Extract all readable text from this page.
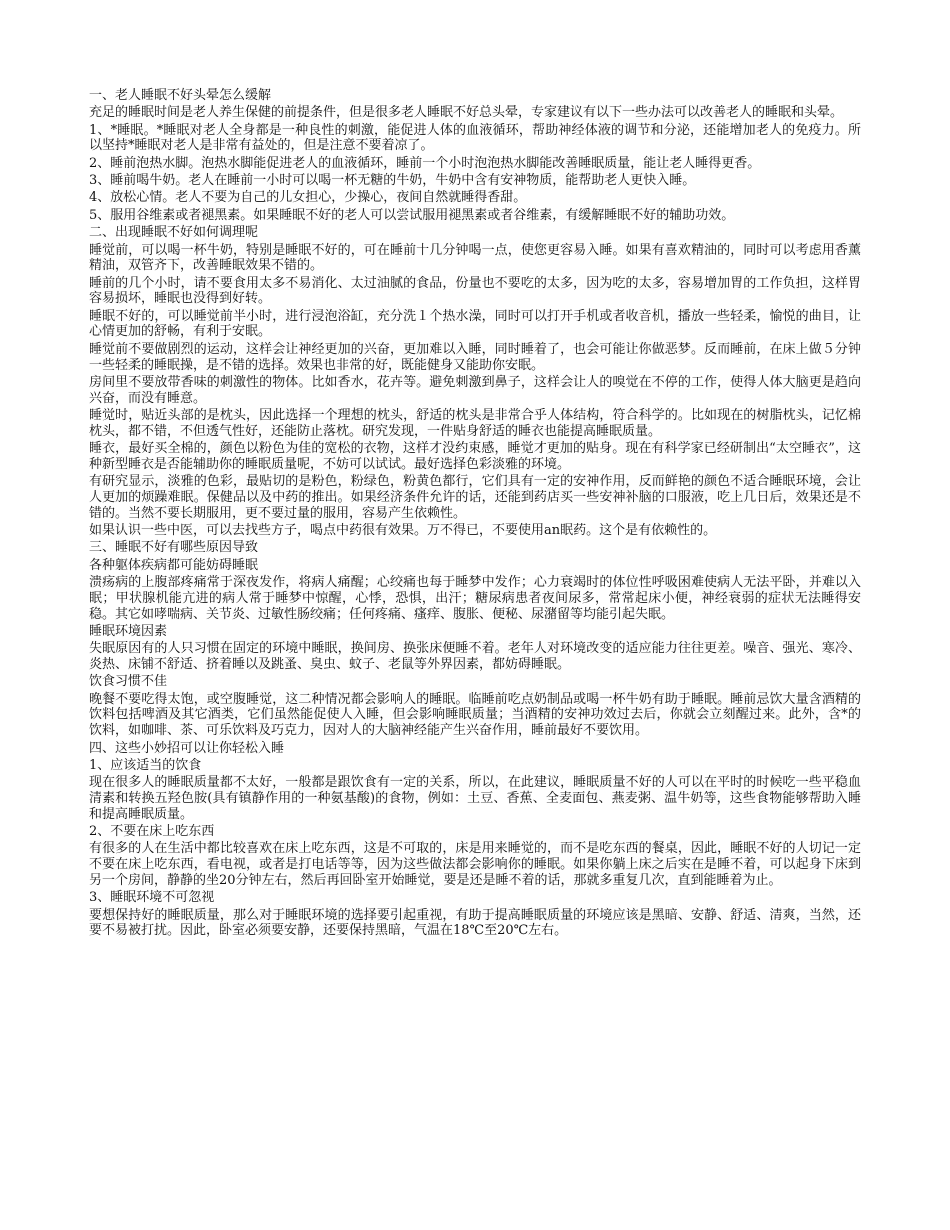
一、老人睡眠不好头晕怎么缓解
充足的睡眠时间是老人养生保健的前提条件，但是很多老人睡眠不好总头晕，专家建议有以下一些办法可以改善老人的睡眠和头晕。
1、*睡眠。*睡眠对老人全身都是一种良性的刺激，能促进人体的血液循环，帮助神经体液的调节和分泌，还能增加老人的免疫力。所以坚持*睡眠对老人是非常有益处的，但是注意不要着凉了。
2、睡前泡热水脚。泡热水脚能促进老人的血液循环，睡前一个小时泡泡热水脚能改善睡眠质量，能让老人睡得更香。
3、睡前喝牛奶。老人在睡前一小时可以喝一杯无糖的牛奶，牛奶中含有安神物质，能帮助老人更快入睡。
4、放松心情。老人不要为自己的儿女担心，少操心，夜间自然就睡得香甜。
5、服用谷维素或者褪黑素。如果睡眠不好的老人可以尝试服用褪黑素或者谷维素，有缓解睡眠不好的辅助功效。
二、出现睡眠不好如何调理呢
睡觉前，可以喝一杯牛奶，特别是睡眠不好的，可在睡前十几分钟喝一点，使您更容易入睡。如果有喜欢精油的，同时可以考虑用香薰精油，双管齐下，改善睡眠效果不错的。
睡前的几个小时，请不要食用太多不易消化、太过油腻的食品，份量也不要吃的太多，因为吃的太多，容易增加胃的工作负担，这样胃容易损坏，睡眠也没得到好转。
睡眠不好的，可以睡觉前半小时，进行浸泡浴缸，充分洗１个热水澡，同时可以打开手机或者收音机，播放一些轻柔，愉悦的曲目，让心情更加的舒畅，有利于安眠。
睡觉前不要做剧烈的运动，这样会让神经更加的兴奋，更加难以入睡，同时睡着了，也会可能让你做恶梦。反而睡前，在床上做５分钟一些轻柔的睡眠操，是不错的选择。效果也非常的好，既能健身又能助你安眠。
房间里不要放带香味的刺激性的物体。比如香水，花卉等。避免刺激到鼻子，这样会让人的嗅觉在不停的工作，使得人体大脑更是趋向兴奋，而没有睡意。
睡觉时，贴近头部的是枕头，因此选择一个理想的枕头，舒适的枕头是非常合乎人体结构，符合科学的。比如现在的树脂枕头，记忆棉枕头，都不错，不但透气性好，还能防止落枕。研究发现，一件贴身舒适的睡衣也能提高睡眠质量。
睡衣，最好买全棉的，颜色以粉色为佳的宽松的衣物，这样才没约束感，睡觉才更加的贴身。现在有科学家已经研制出“太空睡衣”，这种新型睡衣是否能辅助你的睡眠质量呢，不妨可以试试。最好选择色彩淡雅的环境。
有研究显示，淡雅的色彩，最贴切的是粉色，粉绿色，粉黄色都行，它们具有一定的安神作用，反而鲜艳的颜色不适合睡眠环境，会让人更加的烦躁难眠。保健品以及中药的推出。如果经济条件允许的话，还能到药店买一些安神补脑的口服液，吃上几日后，效果还是不错的。当然不要长期服用，更不要过量的服用，容易产生依赖性。
如果认识一些中医，可以去找些方子，喝点中药很有效果。万不得已，不要使用an眠药。这个是有依赖性的。
三、睡眠不好有哪些原因导致
各种躯体疾病都可能妨碍睡眠
溃疡病的上腹部疼痛常于深夜发作，将病人痛醒；心绞痛也每于睡梦中发作；心力衰竭时的体位性呼吸困难使病人无法平卧，并难以入眠；甲状腺机能亢进的病人常于睡梦中惊醒，心悸，恐惧，出汗；糖尿病患者夜间尿多，常常起床小便，神经衰弱的症状无法睡得安稳。其它如哮喘病、关节炎、过敏性肠绞痛；任何疼痛、瘙痒、腹胀、便秘、尿潴留等均能引起失眠。
睡眠环境因素
失眠原因有的人只习惯在固定的环境中睡眠，换间房、换张床便睡不着。老年人对环境改变的适应能力往往更差。噪音、强光、寒冷、炎热、床铺不舒适、挤着睡以及跳蚤、臭虫、蚊子、老鼠等外界因素，都妨碍睡眠。
饮食习惯不佳
晚餐不要吃得太饱，或空腹睡觉，这二种情况都会影响人的睡眠。临睡前吃点奶制品或喝一杯牛奶有助于睡眠。睡前忌饮大量含酒精的饮料包括啤酒及其它酒类，它们虽然能促使人入睡，但会影响睡眠质量；当酒精的安神功效过去后，你就会立刻醒过来。此外，含*的饮料，如咖啡、茶、可乐饮料及巧克力，因对人的大脑神经能产生兴奋作用，睡前最好不要饮用。
四、这些小妙招可以让你轻松入睡
1、应该适当的饮食
现在很多人的睡眠质量都不太好，一般都是跟饮食有一定的关系，所以，在此建议，睡眠质量不好的人可以在平时的时候吃一些平稳血清素和转换五羟色胺(具有镇静作用的一种氨基酸)的食物，例如：土豆、香蕉、全麦面包、燕麦粥、温牛奶等，这些食物能够帮助入睡和提高睡眠质量。
2、不要在床上吃东西
有很多的人在生活中都比较喜欢在床上吃东西，这是不可取的，床是用来睡觉的，而不是吃东西的餐桌，因此，睡眠不好的人切记一定不要在床上吃东西，看电视，或者是打电话等等，因为这些做法都会影响你的睡眠。如果你躺上床之后实在是睡不着，可以起身下床到另一个房间，静静的坐20分钟左右，然后再回卧室开始睡觉，要是还是睡不着的话，那就多重复几次，直到能睡着为止。
3、睡眠环境不可忽视
要想保持好的睡眠质量，那么对于睡眠环境的选择要引起重视，有助于提高睡眠质量的环境应该是黑暗、安静、舒适、清爽，当然，还要不易被打扰。因此，卧室必须要安静，还要保持黑暗，气温在18℃至20℃左右。
